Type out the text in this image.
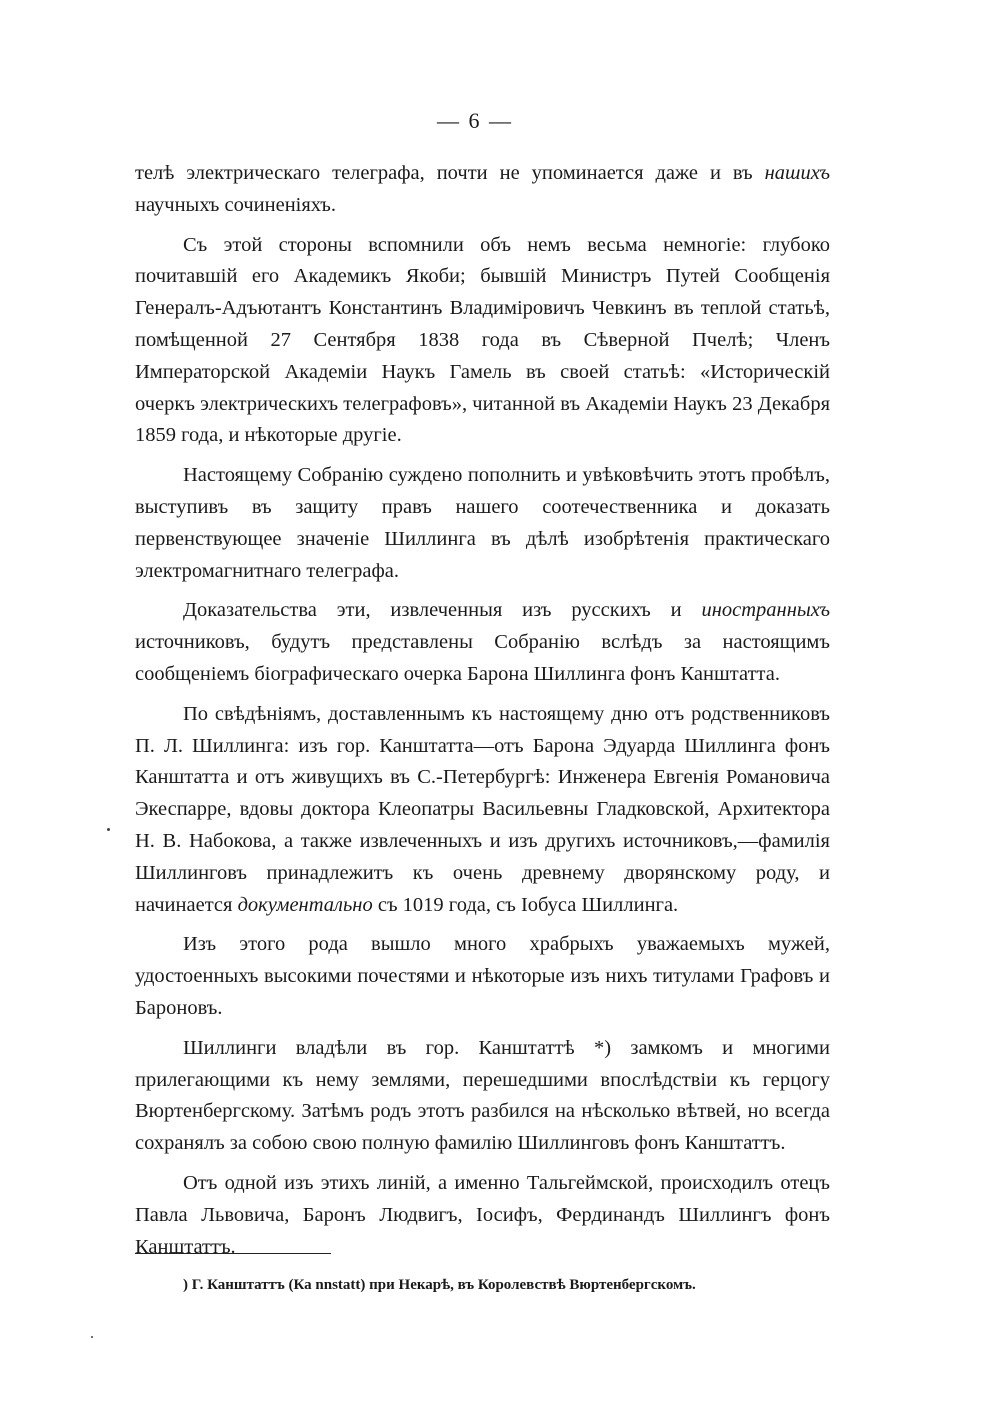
— 6 —

телѣ электрическаго телеграфа, почти не упоминается даже и въ нашихъ научныхъ сочиненiяхъ.

Съ этой стороны вспомнили объ немъ весьма немногie: глубоко почитавшiй его Академикъ Якоби; бывшiй Министръ Путей Сообщенiя Генералъ-Адъютантъ Константинъ Владимiровичъ Чевкинъ въ теплой статьѣ, помѣщенной 27 Сентября 1838 года въ Сѣверной Пчелѣ; Членъ Императорской Академiи Наукъ Гамель въ своей статьѣ: «Историческiй очеркъ электрическихъ телеграфовъ», читанной въ Академiи Наукъ 23 Декабря 1859 года, и нѣкоторые другie.

Настоящему Собранiю суждено пополнить и увѣковѣчить этотъ пробѣлъ, выступивъ въ защиту правъ нашего соотечественника и доказать первенствующее значенie Шиллинга въ дѣлѣ изобрѣтенiя практическаго электромагнитнаго телеграфа.

Доказательства эти, извлеченныя изъ русскихъ и иностранныхъ источниковъ, будутъ представлены Собранiю вслѣдъ за настоящимъ сообщенiемъ бiографическаго очерка Барона Шиллинга фонъ Канштатта.

По свѣдѣнiямъ, доставленнымъ къ настоящему дню отъ родственниковъ П. Л. Шиллинга: изъ гор. Канштатта—отъ Барона Эдуарда Шиллинга фонъ Канштатта и отъ живущихъ въ С.-Петербургѣ: Инженера Евгенiя Романовича Экеспарре, вдовы доктора Клеопатры Васильевны Гладковской, Архитектора Н. В. Набокова, а также извлеченныхъ и изъ другихъ источниковъ,—фамилiя Шиллинговъ принадлежитъ къ очень древнему дворянскому роду, и начинается документально съ 1019 года, съ Iобуса Шиллинга.

Изъ этого рода вышло много храбрыхъ уважаемыхъ мужей, удостоенныхъ высокими почестями и нѣкоторые изъ нихъ титулами Графовъ и Бароновъ.

Шиллинги владѣли въ гор. Канштаттѣ *) замкомъ и многими прилегающими къ нему землями, перешедшими впослѣдствiи къ герцогу Вюртенбергскому. Затѣмъ родъ этотъ разбился на нѣсколько вѣтвей, но всегда сохранялъ за собою свою полную фамилiю Шиллинговъ фонъ Канштаттъ.

Отъ одной изъ этихъ линiй, а именно Тальгеймской, происходилъ отецъ Павла Львовича, Баронъ Людвигъ, Iосифъ, Фердинандъ Шиллингъ фонъ Канштаттъ.

) Г. Канштаттъ (Ка nnstatt) при Некарѣ, въ Королевствѣ Вюртенбергскомъ.
